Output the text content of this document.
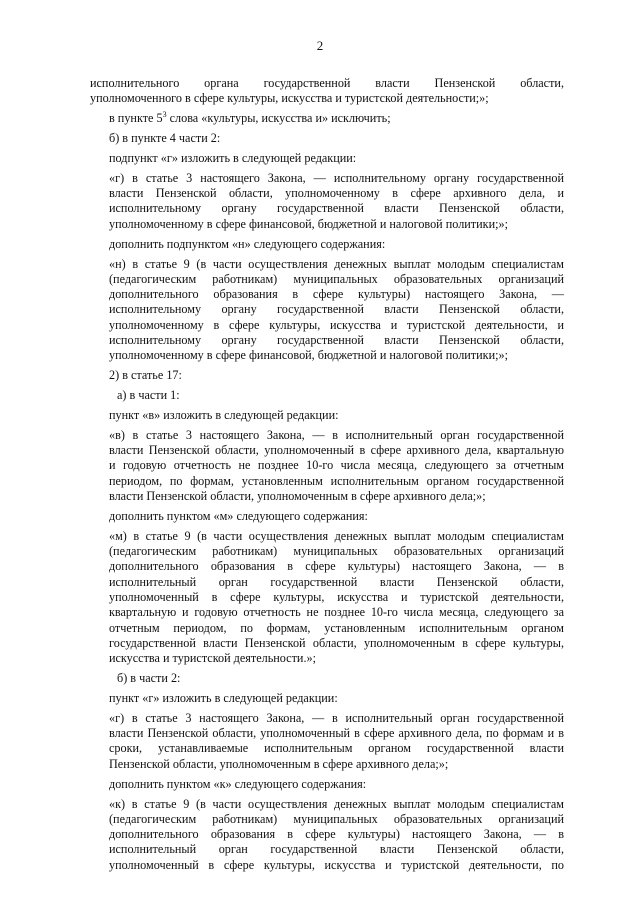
2
исполнительного органа государственной власти Пензенской области,
уполномоченного в сфере культуры, искусства и туристской деятельности;»;
в пункте $5^3$ слова «культуры, искусства и» исключить;
б) в пункте 4 части 2:
подпункт «г» изложить в следующей редакции:
«г) в статье 3 настоящего Закона, — исполнительному органу государственной
власти Пензенской области, уполномоченному в сфере архивного дела, и
исполнительному органу государственной власти Пензенской области,
уполномоченному в сфере финансовой, бюджетной и налоговой политики;»;
дополнить подпунктом «н» следующего содержания:
«н) в статье 9 (в части осуществления денежных выплат молодым специалистам
(педагогическим работникам) муниципальных образовательных организаций
дополнительного образования в сфере культуры) настоящего Закона, —
исполнительному органу государственной власти Пензенской области,
уполномоченному в сфере культуры, искусства и туристской деятельности, и
исполнительному органу государственной власти Пензенской области,
уполномоченному в сфере финансовой, бюджетной и налоговой политики;»;
2) в статье 17:
а) в части 1:
пункт «в» изложить в следующей редакции:
«в) в статье 3 настоящего Закона, — в исполнительный орган государственной
власти Пензенской области, уполномоченный в сфере архивного дела, квартальную
и годовую отчетность не позднее 10-го числа месяца, следующего за отчетным
периодом, по формам, установленным исполнительным органом государственной
власти Пензенской области, уполномоченным в сфере архивного дела;»;
дополнить пунктом «м» следующего содержания:
«м) в статье 9 (в части осуществления денежных выплат молодым специалистам
(педагогическим работникам) муниципальных образовательных организаций
дополнительного образования в сфере культуры) настоящего Закона, — в
исполнительный орган государственной власти Пензенской области,
уполномоченный в сфере культуры, искусства и туристской деятельности,
квартальную и годовую отчетность не позднее 10-го числа месяца, следующего за
отчетным периодом, по формам, установленным исполнительным органом
государственной власти Пензенской области, уполномоченным в сфере культуры,
искусства и туристской деятельности.»;
б) в части 2:
пункт «г» изложить в следующей редакции:
«г) в статье 3 настоящего Закона, — в исполнительный орган государственной
власти Пензенской области, уполномоченный в сфере архивного дела, по формам и в
сроки, устанавливаемые исполнительным органом государственной власти
Пензенской области, уполномоченным в сфере архивного дела;»;
дополнить пунктом «к» следующего содержания:
«к) в статье 9 (в части осуществления денежных выплат молодым специалистам
(педагогическим работникам) муниципальных образовательных организаций
дополнительного образования в сфере культуры) настоящего Закона, — в
исполнительный орган государственной власти Пензенской области,
уполномоченный в сфере культуры, искусства и туристской деятельности, по
